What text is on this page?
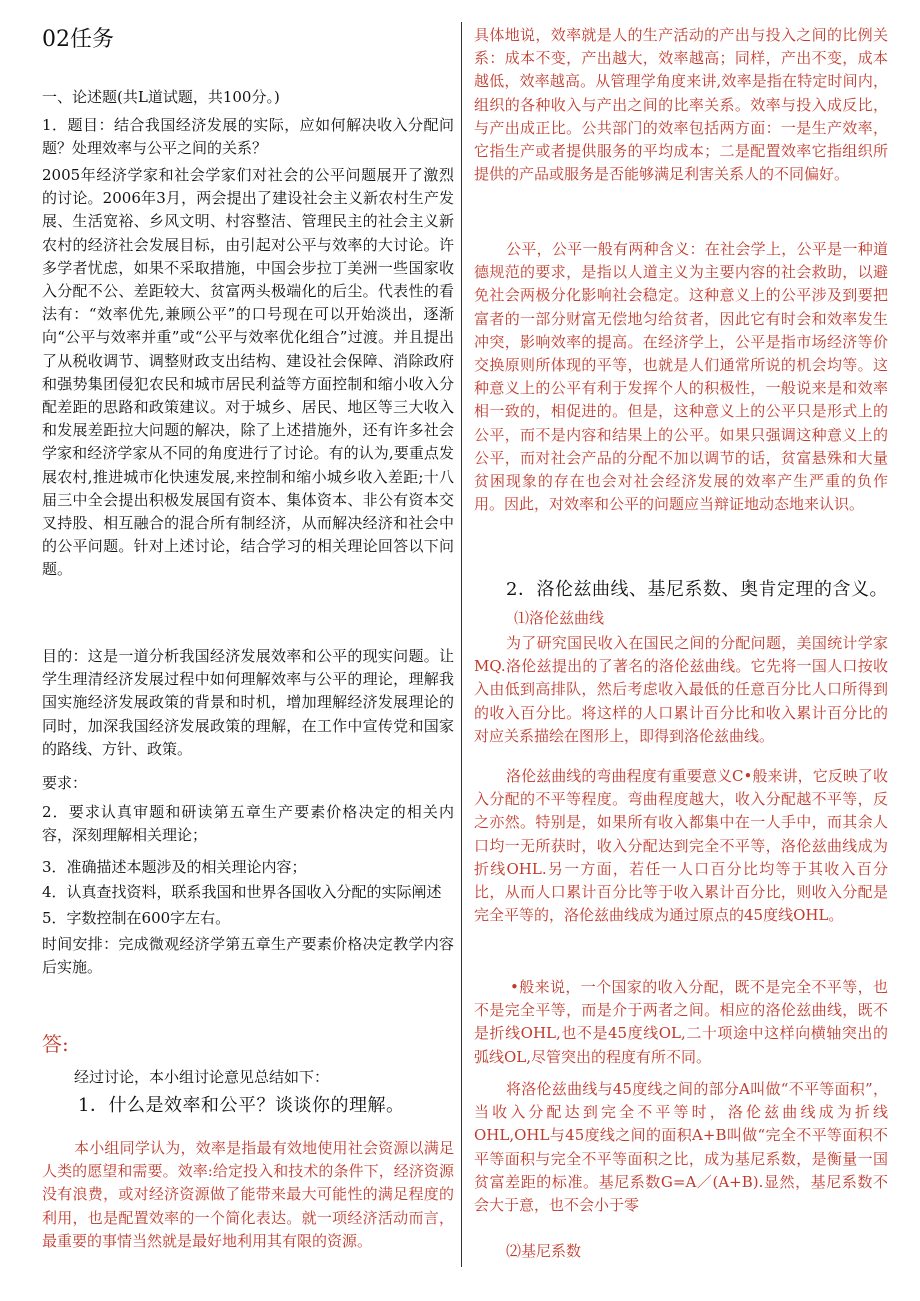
02任务

一、论述题(共L道试题，共100分。)

1．题目：结合我国经济发展的实际，应如何解决收入分配问题？处理效率与公平之间的关系？

2005年经济学家和社会学家们对社会的公平问题展开了激烈的讨论。2006年3月，两会提出了建设社会主义新农村生产发展、生活宽裕、乡风文明、村容整洁、管理民主的社会主义新农村的经济社会发展目标，由引起对公平与效率的大讨论。许多学者忧虑，如果不采取措施，中国会步拉丁美洲一些国家收入分配不公、差距较大、贫富两头极端化的后尘。代表性的看法有：“效率优先,兼顾公平”的口号现在可以开始淡出，逐渐向“公平与效率并重”或“公平与效率优化组合”过渡。并且提出了从税收调节、调整财政支出结构、建设社会保障、消除政府和强势集团侵犯农民和城市居民利益等方面控制和缩小收入分配差距的思路和政策建议。对于城乡、居民、地区等三大收入和发展差距拉大问题的解决，除了上述措施外，还有许多社会学家和经济学家从不同的角度进行了讨论。有的认为,要重点发展农村,推进城市化快速发展,来控制和缩小城乡收入差距;十八届三中全会提出积极发展国有资本、集体资本、非公有资本交叉持股、相互融合的混合所有制经济，从而解决经济和社会中的公平问题。针对上述讨论，结合学习的相关理论回答以下问题。

目的：这是一道分析我国经济发展效率和公平的现实问题。让学生理清经济发展过程中如何理解效率与公平的理论，理解我国实施经济发展政策的背景和时机，增加理解经济发展理论的同时，加深我国经济发展政策的理解，在工作中宣传党和国家的路线、方针、政策。

要求：

2．要求认真审题和研读第五章生产要素价格决定的相关内容，深刻理解相关理论；

3．准确描述本题涉及的相关理论内容；

4．认真查找资料，联系我国和世界各国收入分配的实际阐述

5．字数控制在600字左右。

时间安排：完成微观经济学第五章生产要素价格决定教学内容后实施。

答:

经过讨论，本小组讨论意见总结如下：

1．什么是效率和公平？谈谈你的理解。

本小组同学认为，效率是指最有效地使用社会资源以满足人类的愿望和需要。效率:给定投入和技术的条件下，经济资源没有浪费，或对经济资源做了能带来最大可能性的满足程度的利用，也是配置效率的一个简化表达。就一项经济活动而言，最重要的事情当然就是最好地利用其有限的资源。

具体地说，效率就是人的生产活动的产出与投入之间的比例关系：成本不变，产出越大，效率越高；同样，产出不变，成本越低，效率越高。从管理学角度来讲,效率是指在特定时间内，组织的各种收入与产出之间的比率关系。效率与投入成反比，与产出成正比。公共部门的效率包括两方面：一是生产效率，它指生产或者提供服务的平均成本；二是配置效率它指组织所提供的产品或服务是否能够满足利害关系人的不同偏好。

公平，公平一般有两种含义：在社会学上，公平是一种道德规范的要求，是指以人道主义为主要内容的社会救助，以避免社会两极分化影响社会稳定。这种意义上的公平涉及到要把富者的一部分财富无偿地匀给贫者，因此它有时会和效率发生冲突，影响效率的提高。在经济学上，公平是指市场经济等价交换原则所体现的平等，也就是人们通常所说的机会均等。这种意义上的公平有利于发挥个人的积极性，一般说来是和效率相一致的，相促进的。但是，这种意义上的公平只是形式上的公平，而不是内容和结果上的公平。如果只强调这种意义上的公平，而对社会产品的分配不加以调节的话，贫富悬殊和大量贫困现象的存在也会对社会经济发展的效率产生严重的负作用。因此，对效率和公平的问题应当辩证地动态地来认识。

2．洛伦兹曲线、基尼系数、奥肯定理的含义。

⑴洛伦兹曲线

为了研究国民收入在国民之间的分配问题，美国统计学家MQ.洛伦兹提出的了著名的洛伦兹曲线。它先将一国人口按收入由低到高排队，然后考虑收入最低的任意百分比人口所得到的收入百分比。将这样的人口累计百分比和收入累计百分比的对应关系描绘在图形上，即得到洛伦兹曲线。

洛伦兹曲线的弯曲程度有重要意义C•般来讲，它反映了收入分配的不平等程度。弯曲程度越大，收入分配越不平等，反之亦然。特别是，如果所有收入都集中在一人手中，而其余人口均一无所获时，收入分配达到完全不平等，洛伦兹曲线成为折线OHL.另一方面，若任一人口百分比均等于其收入百分比，从而人口累计百分比等于收入累计百分比，则收入分配是完全平等的，洛伦兹曲线成为通过原点的45度线OHL。

•般来说，一个国家的收入分配，既不是完全不平等，也不是完全平等，而是介于两者之间。相应的洛伦兹曲线，既不是折线OHL,也不是45度线OL,二十项途中这样向横轴突出的弧线OL,尽管突出的程度有所不同。

将洛伦兹曲线与45度线之间的部分A叫做“不平等面积”，当收入分配达到完全不平等时，洛伦兹曲线成为折线OHL,OHL与45度线之间的面积A+B叫做“完全不平等面积不平等面积与完全不平等面积之比，成为基尼系数，是衡量一国贫富差距的标准。基尼系数G=A／(A+B).显然，基尼系数不会大于意，也不会小于零

⑵基尼系数
